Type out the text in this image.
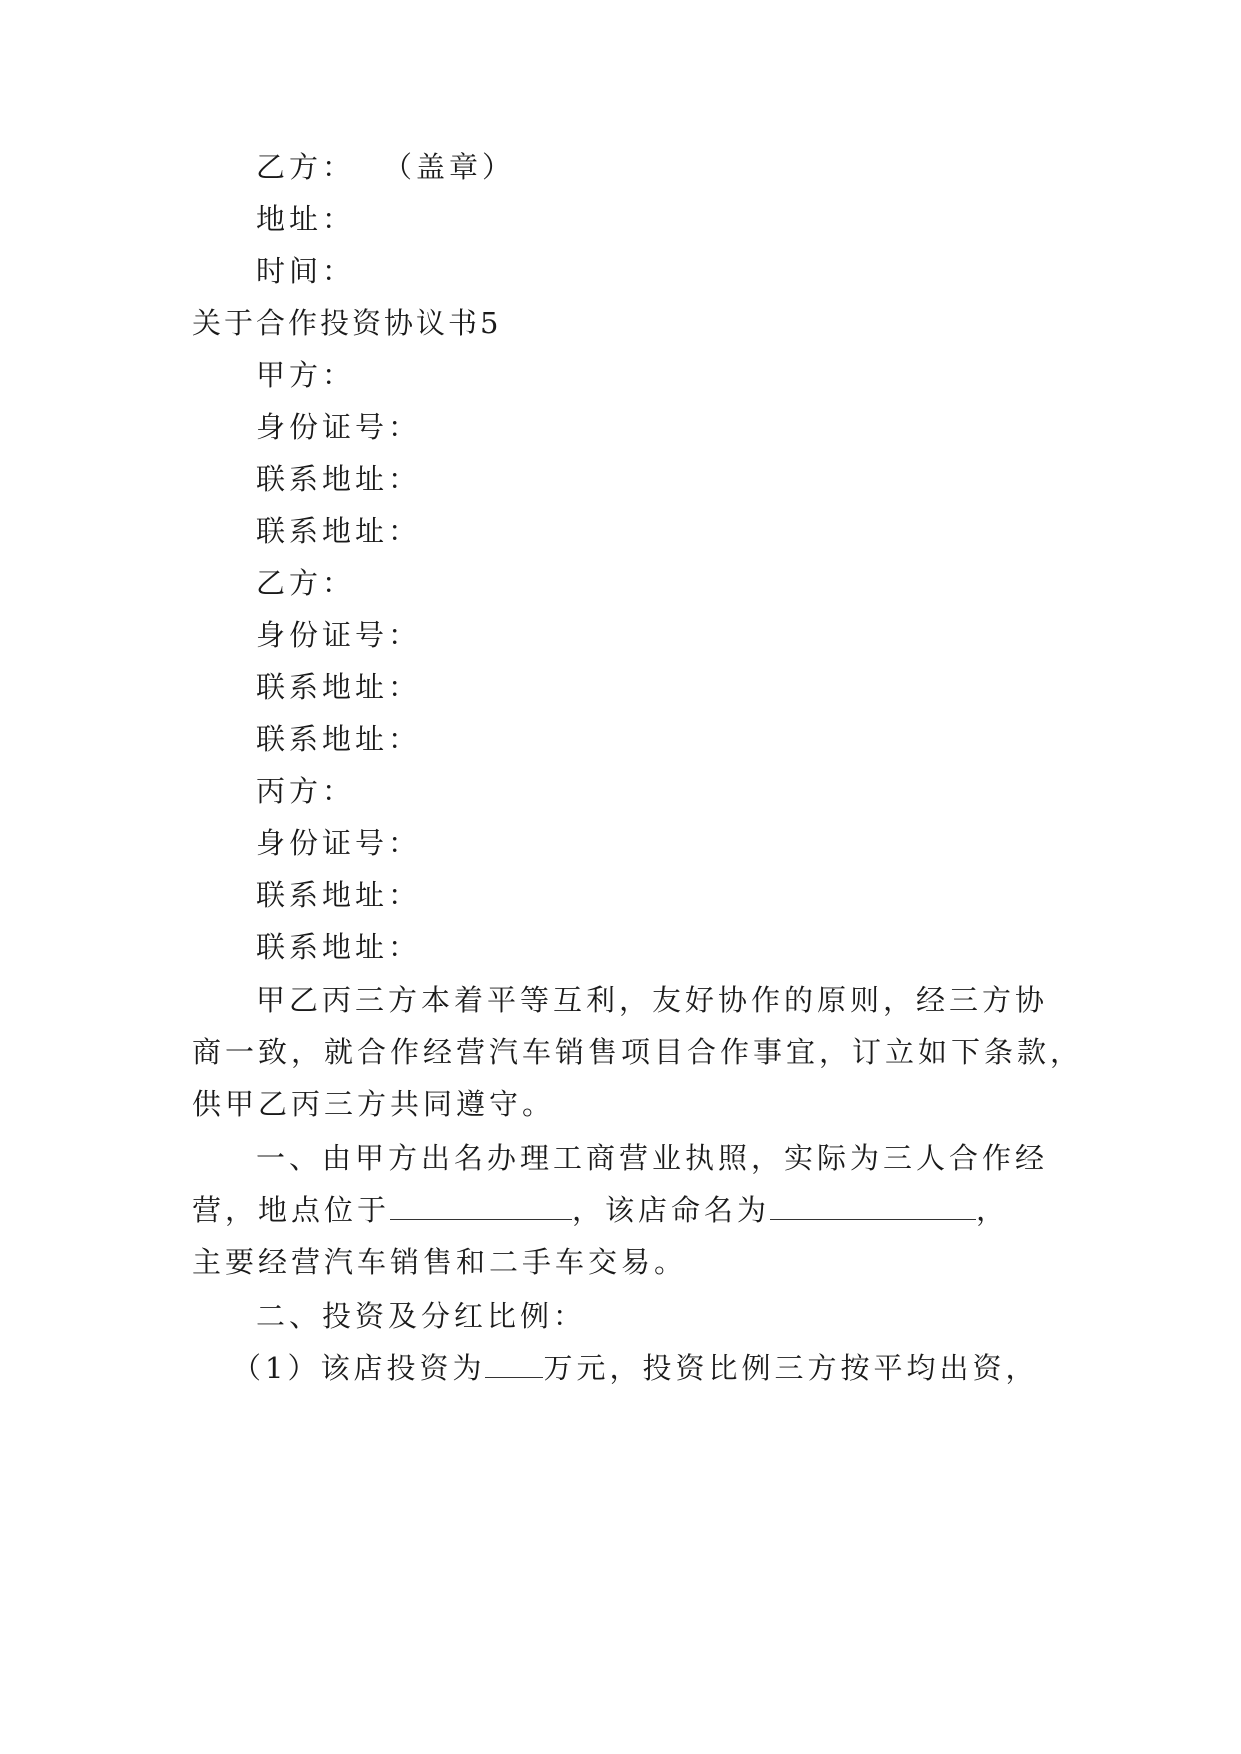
乙方： （盖章）
地址：
时间：
关于合作投资协议书5
甲方：
身份证号：
联系地址：
联系地址：
乙方：
身份证号：
联系地址：
联系地址：
丙方：
身份证号：
联系地址：
联系地址：
甲乙丙三方本着平等互利，友好协作的原则，经三方协
商一致，就合作经营汽车销售项目合作事宜，订立如下条款，
供甲乙丙三方共同遵守。
一、由甲方出名办理工商营业执照，实际为三人合作经
营，地点位于	，该店命名为	，
主要经营汽车销售和二手车交易。
二、投资及分红比例：
（1）该店投资为 万元，投资比例三方按平均出资，
